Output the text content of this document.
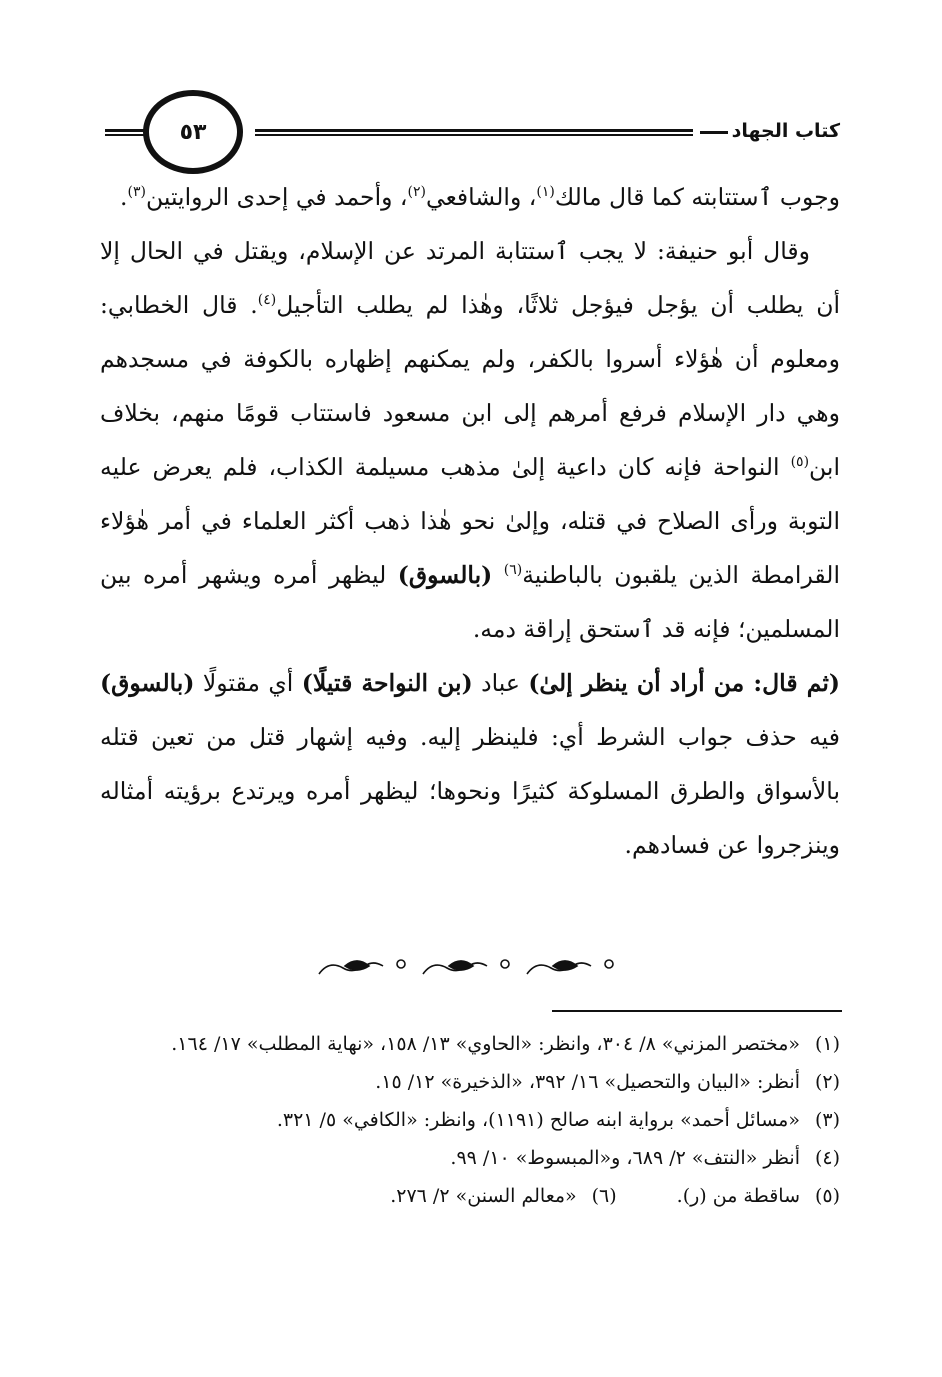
كتاب الجهاد
٥٣

وجوب ٱستتابته كما قال مالك$^{(١)}$، والشافعي$^{(٢)}$، وأحمد في إحدى الروايتين$^{(٣)}$.

وقال أبو حنيفة: لا يجب ٱستتابة المرتد عن الإسلام، ويقتل في الحال إلا أن يطلب أن يؤجل فيؤجل ثلاثًا، وهٰذا لم يطلب التأجيل$^{(٤)}$. قال الخطابي: ومعلوم أن هٰؤلاء أسروا بالكفر، ولم يمكنهم إظهاره بالكوفة في مسجدهم وهي دار الإسلام فرفع أمرهم إلى ابن مسعود فاستتاب قومًا منهم، بخلاف ابن$^{(٥)}$ النواحة فإنه كان داعية إلىٰ مذهب مسيلمة الكذاب، فلم يعرض عليه التوبة ورأى الصلاح في قتله، وإلىٰ نحو هٰذا ذهب أكثر العلماء في أمر هٰؤلاء القرامطة الذين يلقبون بالباطنية$^{(٦)}$ (بالسوق) ليظهر أمره ويشهر أمره بين المسلمين؛ فإنه قد ٱستحق إراقة دمه.

(ثم قال: من أراد أن ينظر إلىٰ) عباد (بن النواحة قتيلًا) أي مقتولًا (بالسوق) فيه حذف جواب الشرط أي: فلينظر إليه. وفيه إشهار قتل من تعين قتله بالأسواق والطرق المسلوكة كثيرًا ونحوها؛ ليظهر أمره ويرتدع برؤيته أمثاله وينزجروا عن فسادهم.

(١)
«مختصر المزني» ٨/ ٣٠٤، وانظر: «الحاوي» ١٣/ ١٥٨، «نهاية المطلب» ١٧/ ١٦٤.
(٢)
أنظر: «البيان والتحصيل» ١٦/ ٣٩٢، «الذخيرة» ١٢/ ١٥.
(٣)
«مسائل أحمد» برواية ابنه صالح (١١٩١)، وانظر: «الكافي» ٥/ ٣٢١.
(٤)
أنظر «النتف» ٢/ ٦٨٩، و«المبسوط» ١٠/ ٩٩.
(٥)
ساقطة من (ر).
(٦)
«معالم السنن» ٢/ ٢٧٦.
